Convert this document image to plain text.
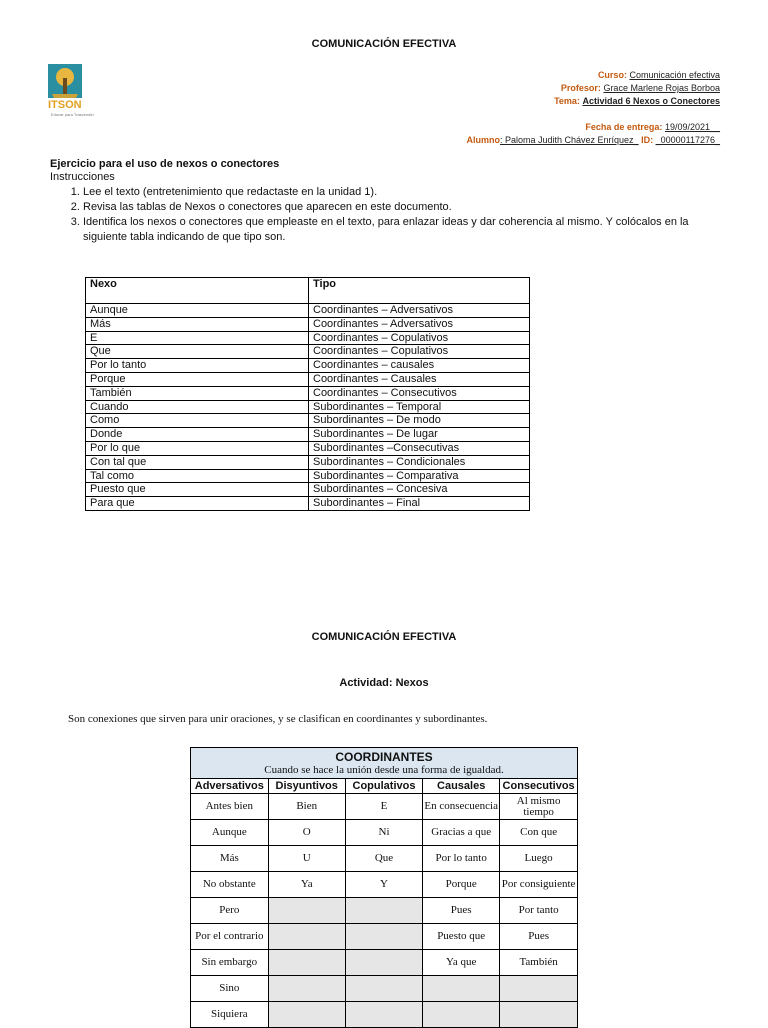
COMUNICACIÓN EFECTIVA
ITSON
Educar para Trascender
Curso: Comunicación efectiva
Profesor: Grace Marlene Rojas Borboa
Tema: Actividad 6 Nexos o Conectores
Fecha de entrega: 19/09/2021__
Alumno: Paloma Judith Chávez Enríquez_ ID: _00000117276_
Ejercicio para el uso de nexos o conectores
Instrucciones
1. Lee el texto (entretenimiento que redactaste en la unidad 1).
2. Revisa las tablas de Nexos o conectores que aparecen en este documento.
3. Identifica los nexos o conectores que empleaste en el texto, para enlazar ideas y dar coherencia al mismo. Y colócalos en la siguiente tabla indicando de que tipo son.
Nexo	Tipo
Aunque	Coordinantes – Adversativos
Más	Coordinantes – Adversativos
E	Coordinantes – Copulativos
Que	Coordinantes – Copulativos
Por lo tanto	Coordinantes – causales
Porque	Coordinantes – Causales
También	Coordinantes – Consecutivos
Cuando	Subordinantes – Temporal
Como	Subordinantes – De modo
Donde	Subordinantes – De lugar
Por lo que	Subordinantes –Consecutivas
Con tal que	Subordinantes – Condicionales
Tal como	Subordinantes – Comparativa
Puesto que	Subordinantes – Concesiva
Para que	Subordinantes – Final
COMUNICACIÓN EFECTIVA
Actividad: Nexos
Son conexiones que sirven para unir oraciones, y se clasifican en coordinantes y subordinantes.
COORDINANTES
Cuando se hace la unión desde una forma de igualdad.				

Adversativos	Disyuntivos	Copulativos	Causales	Consecutivos
Antes bien	Bien	E	En consecuencia	Al mismo tiempo
Aunque	O	Ni	Gracias a que	Con que
Más	U	Que	Por lo tanto	Luego
No obstante	Ya	Y	Porque	Por consiguiente
Pero			Pues	Por tanto
Por el contrario			Puesto que	Pues
Sin embargo			Ya que	También
Sino				
Siquiera				
